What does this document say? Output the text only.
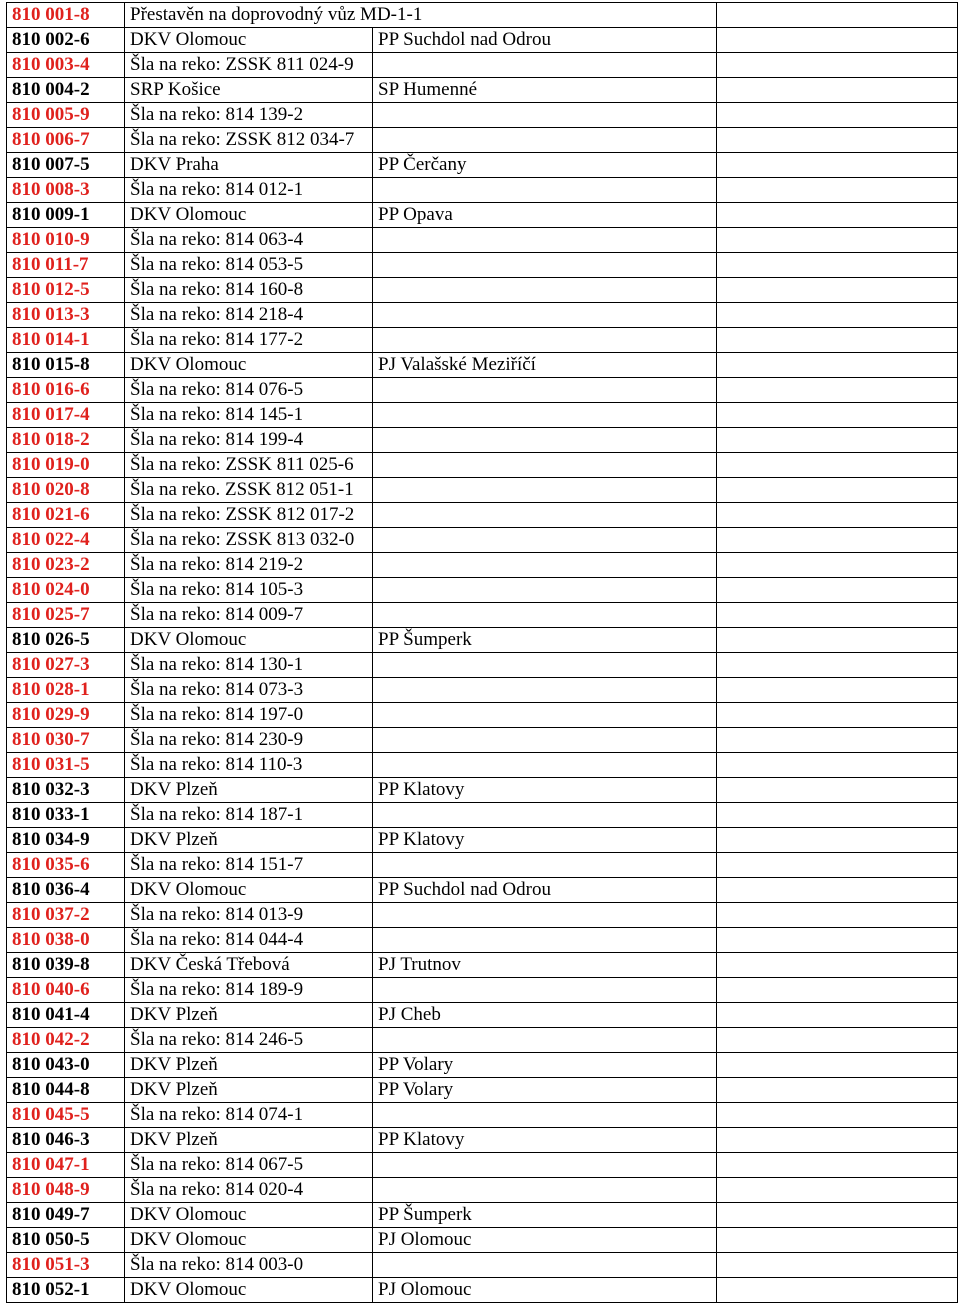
810 001-8	Přestavěn na doprovodný vůz MD-1-1		
810 002-6	DKV Olomouc	PP Suchdol nad Odrou	
810 003-4	Šla na reko: ZSSK 811 024-9		
810 004-2	SRP Košice	SP Humenné	
810 005-9	Šla na reko: 814 139-2		
810 006-7	Šla na reko: ZSSK 812 034-7		
810 007-5	DKV Praha	PP Čerčany	
810 008-3	Šla na reko: 814 012-1		
810 009-1	DKV Olomouc	PP Opava	
810 010-9	Šla na reko: 814 063-4		
810 011-7	Šla na reko: 814 053-5		
810 012-5	Šla na reko: 814 160-8		
810 013-3	Šla na reko: 814 218-4		
810 014-1	Šla na reko: 814 177-2		
810 015-8	DKV Olomouc	PJ Valašské Meziříčí	
810 016-6	Šla na reko: 814 076-5		
810 017-4	Šla na reko: 814 145-1		
810 018-2	Šla na reko: 814 199-4		
810 019-0	Šla na reko: ZSSK 811 025-6		
810 020-8	Šla na reko. ZSSK 812 051-1		
810 021-6	Šla na reko: ZSSK 812 017-2		
810 022-4	Šla na reko: ZSSK 813 032-0		
810 023-2	Šla na reko: 814 219-2		
810 024-0	Šla na reko: 814 105-3		
810 025-7	Šla na reko: 814 009-7		
810 026-5	DKV Olomouc	PP Šumperk	
810 027-3	Šla na reko: 814 130-1		
810 028-1	Šla na reko: 814 073-3		
810 029-9	Šla na reko: 814 197-0		
810 030-7	Šla na reko: 814 230-9		
810 031-5	Šla na reko: 814 110-3		
810 032-3	DKV Plzeň	PP Klatovy	
810 033-1	Šla na reko: 814 187-1		
810 034-9	DKV Plzeň	PP Klatovy	
810 035-6	Šla na reko: 814 151-7		
810 036-4	DKV Olomouc	PP Suchdol nad Odrou	
810 037-2	Šla na reko: 814 013-9		
810 038-0	Šla na reko: 814 044-4		
810 039-8	DKV Česká Třebová	PJ Trutnov	
810 040-6	Šla na reko: 814 189-9		
810 041-4	DKV Plzeň	PJ Cheb	
810 042-2	Šla na reko: 814 246-5		
810 043-0	DKV Plzeň	PP Volary	
810 044-8	DKV Plzeň	PP Volary	
810 045-5	Šla na reko: 814 074-1		
810 046-3	DKV Plzeň	PP Klatovy	
810 047-1	Šla na reko: 814 067-5		
810 048-9	Šla na reko: 814 020-4		
810 049-7	DKV Olomouc	PP Šumperk	
810 050-5	DKV Olomouc	PJ Olomouc	
810 051-3	Šla na reko: 814 003-0		
810 052-1	DKV Olomouc	PJ Olomouc	
